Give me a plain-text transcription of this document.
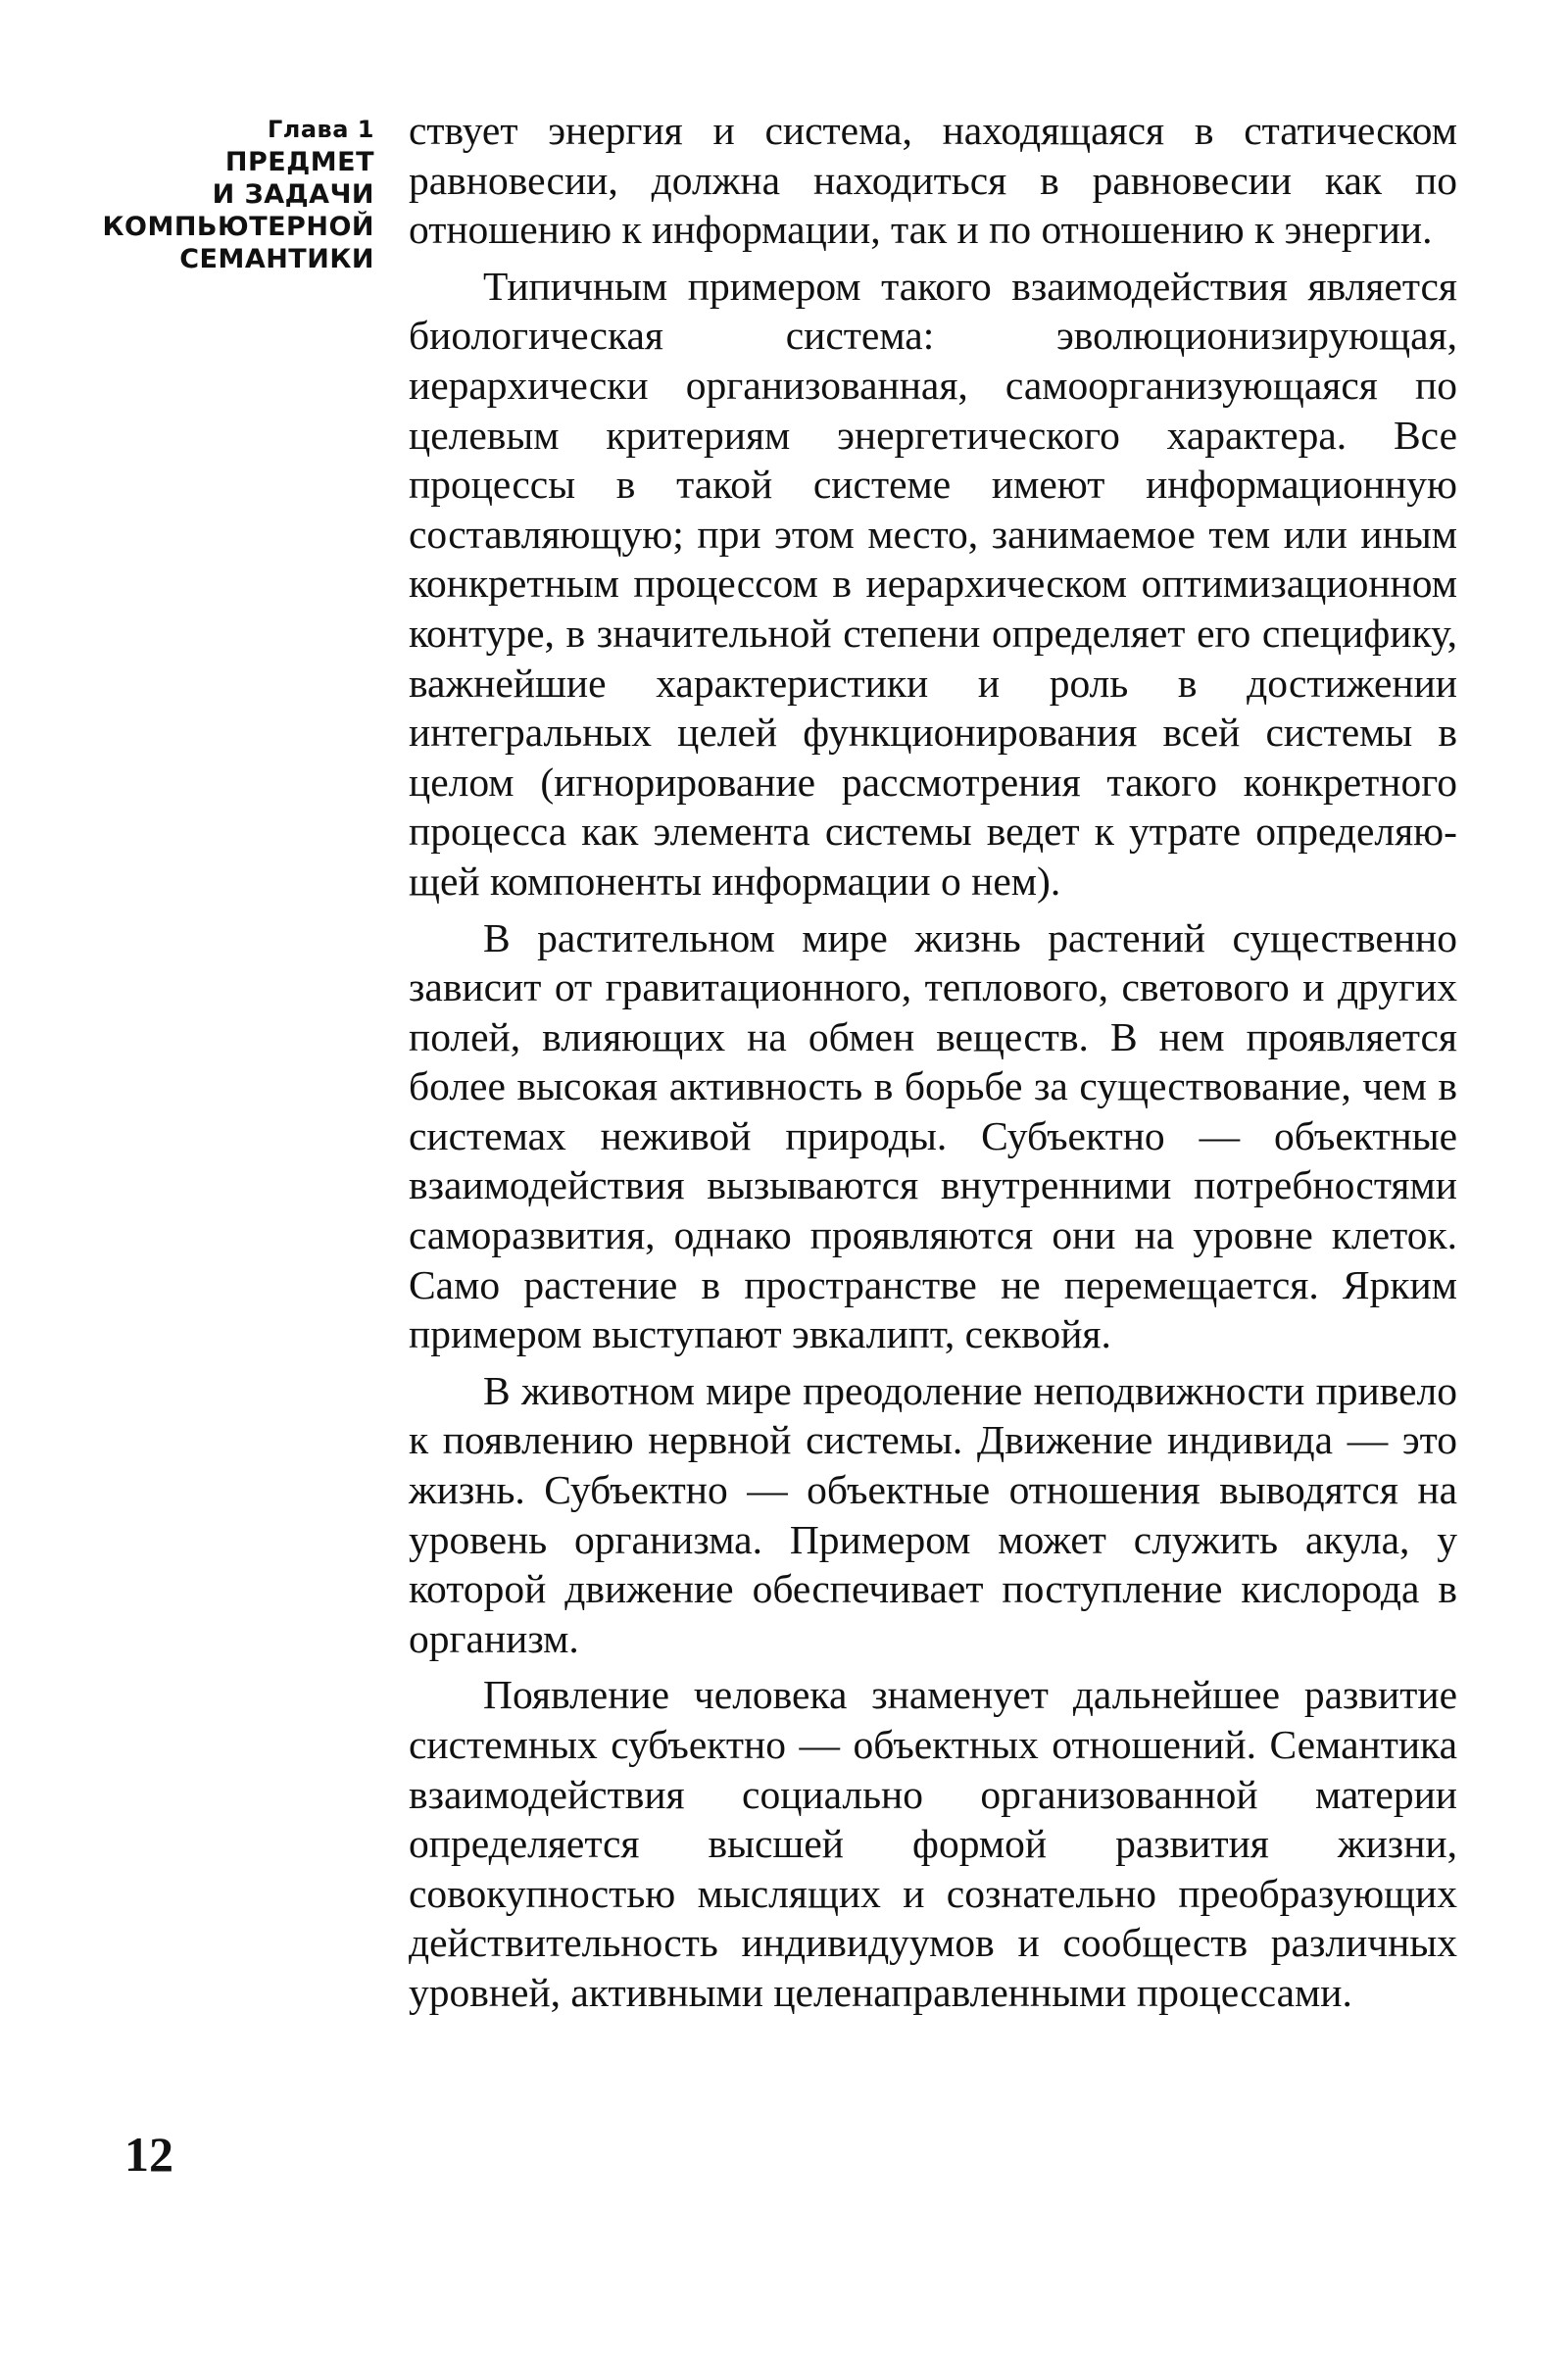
Глава 1
ПРЕДМЕТ
И ЗАДАЧИ
КОМПЬЮТЕРНОЙ
СЕМАНТИКИ

ствует энергия и система, находящаяся в статическом равновесии, должна находиться в равновесии как по отношению к информации, так и по отношению к энергии.

Типичным примером такого взаимодействия является биологическая система: эволюционизирующая, иерархически организованная, самоорганизующаяся по целевым критериям энергетического характера. Все процессы в такой системе имеют информационную составляющую; при этом место, занимаемое тем или иным конкретным процессом в иерархическом оптимизационном контуре, в значительной степени определяет его специфику, важнейшие характеристики и роль в достижении интегральных целей функционирования всей системы в целом (игнорирование рассмотрения такого конкретного процесса как элемента системы ведет к утрате определяющей компоненты информации о нем).

В растительном мире жизнь растений существенно зависит от гравитационного, теплового, светового и других полей, влияющих на обмен веществ. В нем проявляется более высокая активность в борьбе за существование, чем в системах неживой природы. Субъектно — объектные взаимодействия вызываются внутренними потребностями саморазвития, однако проявляются они на уровне клеток. Само растение в пространстве не перемещается. Ярким примером выступают эвкалипт, секвойя.

В животном мире преодоление неподвижности привело к появлению нервной системы. Движение индивида — это жизнь. Субъектно — объектные отношения выводятся на уровень организма. Примером может служить акула, у которой движение обеспечивает поступление кислорода в организм.

Появление человека знаменует дальнейшее развитие системных субъектно — объектных отношений. Семантика взаимодействия социально организованной материи определяется высшей формой развития жизни, совокупностью мыслящих и сознательно преобразующих действительность индивидуумов и сообществ различных уровней, активными целенаправленными процессами.

12
